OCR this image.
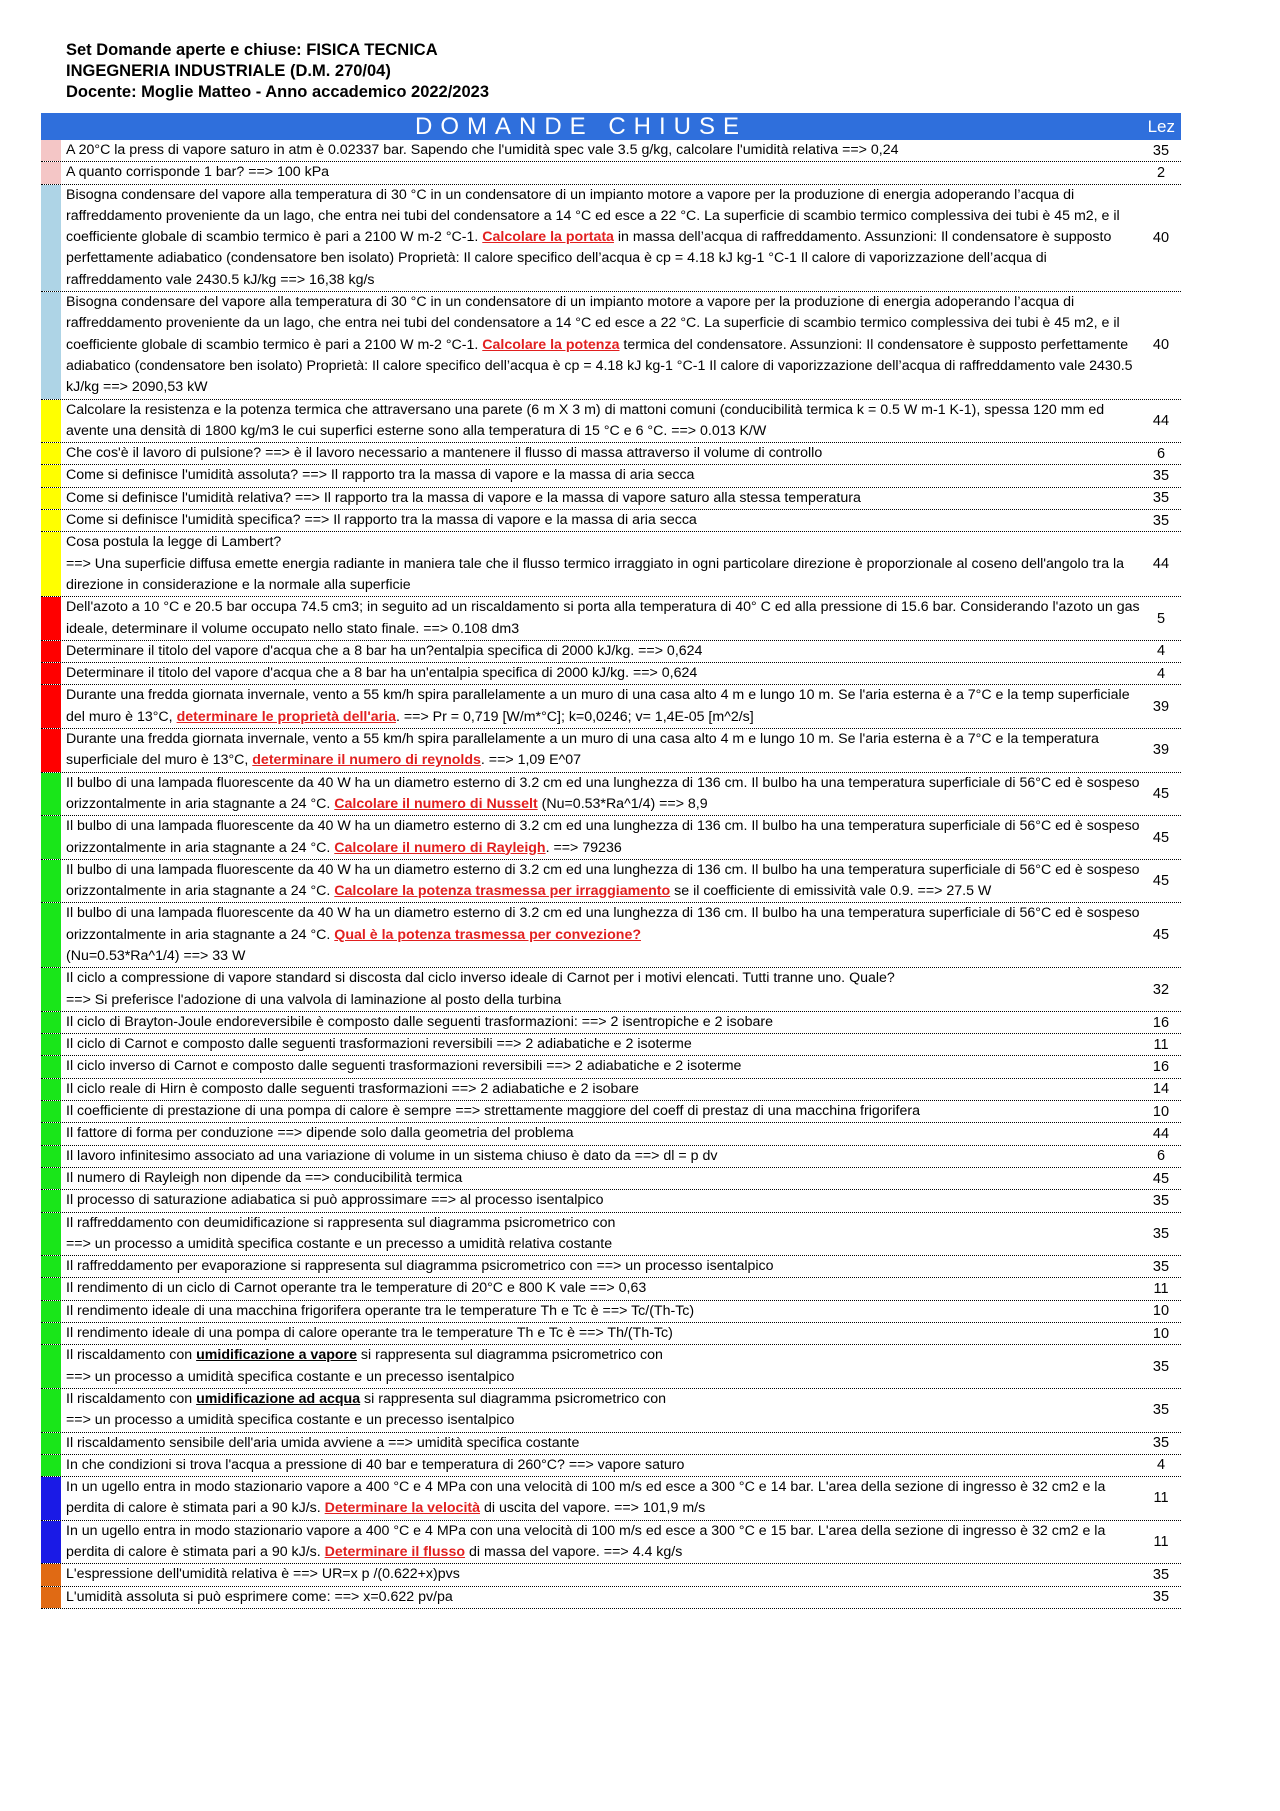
Set Domande aperte e chiuse: FISICA TECNICA
INGEGNERIA INDUSTRIALE (D.M. 270/04)
Docente: Moglie Matteo - Anno accademico 2022/2023
DOMANDE CHIUSE	Lez
A 20°C la press di vapore saturo in atm è 0.02337 bar. Sapendo che l'umidità spec vale 3.5 g/kg, calcolare l'umidità relativa ==> 0,24	35
A quanto corrisponde 1 bar? ==> 100 kPa	2
Bisogna condensare del vapore alla temperatura di 30 °C in un condensatore di un impianto motore a vapore per la produzione di energia adoperando l’acqua di raffreddamento proveniente da un lago, che entra nei tubi del condensatore a 14 °C ed esce a 22 °C. La superficie di scambio termico complessiva dei tubi è 45 m2, e il coefficiente globale di scambio termico è pari a 2100 W m-2 °C-1. Calcolare la portata in massa dell’acqua di raffreddamento. Assunzioni: Il condensatore è supposto perfettamente adiabatico (condensatore ben isolato) Proprietà: Il calore specifico dell’acqua è cp = 4.18 kJ kg-1 °C-1 Il calore di vaporizzazione dell’acqua di raffreddamento vale 2430.5 kJ/kg ==> 16,38 kg/s
40
Bisogna condensare del vapore alla temperatura di 30 °C in un condensatore di un impianto motore a vapore per la produzione di energia adoperando l’acqua di raffreddamento proveniente da un lago, che entra nei tubi del condensatore a 14 °C ed esce a 22 °C. La superficie di scambio termico complessiva dei tubi è 45 m2, e il coefficiente globale di scambio termico è pari a 2100 W m-2 °C-1. Calcolare la potenza termica del condensatore. Assunzioni: Il condensatore è supposto perfettamente adiabatico (condensatore ben isolato) Proprietà: Il calore specifico dell’acqua è cp = 4.18 kJ kg-1 °C-1 Il calore di vaporizzazione dell’acqua di raffreddamento vale 2430.5 kJ/kg ==> 2090,53 kW
40
Calcolare la resistenza e la potenza termica che attraversano una parete (6 m X 3 m) di mattoni comuni (conducibilità termica k = 0.5 W m-1 K-1), spessa 120 mm ed avente una densità di 1800 kg/m3 le cui superfici esterne sono alla temperatura di 15 °C e 6 °C. ==> 0.013 K/W
44
Che cos'è il lavoro di pulsione? ==> è il lavoro necessario a mantenere il flusso di massa attraverso il volume di controllo	6
Come si definisce l'umidità assoluta? ==> Il rapporto tra la massa di vapore e la massa di aria secca	35
Come si definisce l'umidità relativa? ==> Il rapporto tra la massa di vapore e la massa di vapore saturo alla stessa temperatura	35
Come si definisce l'umidità specifica? ==> Il rapporto tra la massa di vapore e la massa di aria secca	35
Cosa postula la legge di Lambert?
==> Una superficie diffusa emette energia radiante in maniera tale che il flusso termico irraggiato in ogni particolare direzione è proporzionale al coseno dell'angolo tra la direzione in considerazione e la normale alla superficie
44
Dell'azoto a 10 °C e 20.5 bar occupa 74.5 cm3; in seguito ad un riscaldamento si porta alla temperatura di 40° C ed alla pressione di 15.6 bar. Considerando l'azoto un gas ideale, determinare il volume occupato nello stato finale. ==> 0.108 dm3
5
Determinare il titolo del vapore d'acqua che a 8 bar ha un?entalpia specifica di 2000 kJ/kg. ==> 0,624	4
Determinare il titolo del vapore d'acqua che a 8 bar ha un'entalpia specifica di 2000 kJ/kg. ==> 0,624	4
Durante una fredda giornata invernale, vento a 55 km/h spira parallelamente a un muro di una casa alto 4 m e lungo 10 m. Se l'aria esterna è a 7°C e la temp superficiale del muro è 13°C, determinare le proprietà dell'aria. ==> Pr = 0,719 [W/m*°C]; k=0,0246; v= 1,4E-05 [m^2/s]
39
Durante una fredda giornata invernale, vento a 55 km/h spira parallelamente a un muro di una casa alto 4 m e lungo 10 m. Se l'aria esterna è a 7°C e la temperatura superficiale del muro è 13°C, determinare il numero di reynolds. ==> 1,09 E^07
39
Il bulbo di una lampada fluorescente da 40 W ha un diametro esterno di 3.2 cm ed una lunghezza di 136 cm. Il bulbo ha una temperatura superficiale di 56°C ed è sospeso orizzontalmente in aria stagnante a 24 °C. Calcolare il numero di Nusselt (Nu=0.53*Ra^1/4) ==> 8,9
45
Il bulbo di una lampada fluorescente da 40 W ha un diametro esterno di 3.2 cm ed una lunghezza di 136 cm. Il bulbo ha una temperatura superficiale di 56°C ed è sospeso orizzontalmente in aria stagnante a 24 °C. Calcolare il numero di Rayleigh. ==> 79236
45
Il bulbo di una lampada fluorescente da 40 W ha un diametro esterno di 3.2 cm ed una lunghezza di 136 cm. Il bulbo ha una temperatura superficiale di 56°C ed è sospeso orizzontalmente in aria stagnante a 24 °C. Calcolare la potenza trasmessa per irraggiamento se il coefficiente di emissività vale 0.9. ==> 27.5 W
45
Il bulbo di una lampada fluorescente da 40 W ha un diametro esterno di 3.2 cm ed una lunghezza di 136 cm. Il bulbo ha una temperatura superficiale di 56°C ed è sospeso orizzontalmente in aria stagnante a 24 °C. Qual è la potenza trasmessa per convezione?
(Nu=0.53*Ra^1/4) ==> 33 W
45
Il ciclo a compressione di vapore standard si discosta dal ciclo inverso ideale di Carnot per i motivi elencati. Tutti tranne uno. Quale?
==> Si preferisce l'adozione di una valvola di laminazione al posto della turbina
32
Il ciclo di Brayton-Joule endoreversibile è composto dalle seguenti trasformazioni: ==> 2 isentropiche e 2 isobare	16
Il ciclo di Carnot e composto dalle seguenti trasformazioni reversibili ==> 2 adiabatiche e 2 isoterme	11
Il ciclo inverso di Carnot e composto dalle seguenti trasformazioni reversibili ==> 2 adiabatiche e 2 isoterme	16
Il ciclo reale di Hirn è composto dalle seguenti trasformazioni ==> 2 adiabatiche e 2 isobare	14
Il coefficiente di prestazione di una pompa di calore è sempre ==> strettamente maggiore del coeff di prestaz di una macchina frigorifera	10
Il fattore di forma per conduzione ==> dipende solo dalla geometria del problema	44
Il lavoro infinitesimo associato ad una variazione di volume in un sistema chiuso è dato da ==> dl = p dv	6
Il numero di Rayleigh non dipende da ==> conducibilità termica	45
Il processo di saturazione adiabatica si può approssimare ==> al processo isentalpico	35
Il raffreddamento con deumidificazione si rappresenta sul diagramma psicrometrico con
==> un processo a umidità specifica costante e un precesso a umidità relativa costante
35
Il raffreddamento per evaporazione si rappresenta sul diagramma psicrometrico con ==> un processo isentalpico	35
Il rendimento di un ciclo di Carnot operante tra le temperature di 20°C e 800 K vale ==> 0,63	11
Il rendimento ideale di una macchina frigorifera operante tra le temperature Th e Tc è ==> Tc/(Th-Tc)	10
Il rendimento ideale di una pompa di calore operante tra le temperature Th e Tc è ==> Th/(Th-Tc)	10
Il riscaldamento con umidificazione a vapore si rappresenta sul diagramma psicrometrico con
==> un processo a umidità specifica costante e un precesso isentalpico
35
Il riscaldamento con umidificazione ad acqua si rappresenta sul diagramma psicrometrico con
==> un processo a umidità specifica costante e un precesso isentalpico
35
Il riscaldamento sensibile dell'aria umida avviene a ==> umidità specifica costante	35
In che condizioni si trova l'acqua a pressione di 40 bar e temperatura di 260°C? ==> vapore saturo	4
In un ugello entra in modo stazionario vapore a 400 °C e 4 MPa con una velocità di 100 m/s ed esce a 300 °C e 14 bar. L'area della sezione di ingresso è 32 cm2 e la perdita di calore è stimata pari a 90 kJ/s. Determinare la velocità di uscita del vapore. ==> 101,9 m/s
11
In un ugello entra in modo stazionario vapore a 400 °C e 4 MPa con una velocità di 100 m/s ed esce a 300 °C e 15 bar. L'area della sezione di ingresso è 32 cm2 e la perdita di calore è stimata pari a 90 kJ/s. Determinare il flusso di massa del vapore. ==> 4.4 kg/s
11
L'espressione dell'umidità relativa è ==> UR=x p /(0.622+x)pvs	35
L'umidità assoluta si può esprimere come: ==> x=0.622 pv/pa	35
